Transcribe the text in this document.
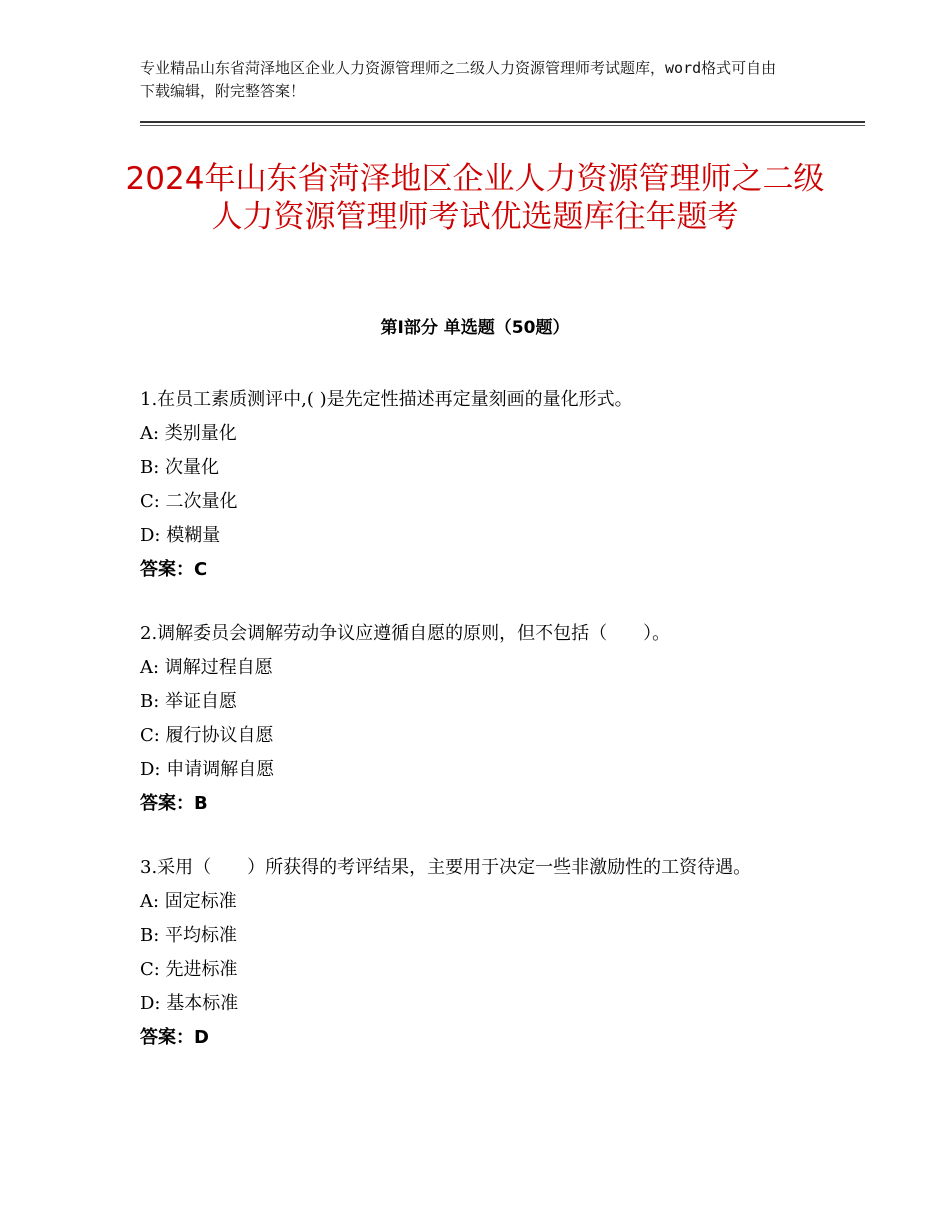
专业精品山东省菏泽地区企业人力资源管理师之二级人力资源管理师考试题库，word格式可自由下载编辑，附完整答案！
2024年山东省菏泽地区企业人力资源管理师之二级人力资源管理师考试优选题库往年题考
第Ⅰ部分 单选题（50题）

1.在员工素质测评中,( )是先定性描述再定量刻画的量化形式。

A: 类别量化

B: 次量化

C: 二次量化

D: 模糊量

答案：C

2.调解委员会调解劳动争议应遵循自愿的原则，但不包括（　　）。

A: 调解过程自愿

B: 举证自愿

C: 履行协议自愿

D: 申请调解自愿

答案：B

3.采用（　　）所获得的考评结果，主要用于决定一些非激励性的工资待遇。

A: 固定标准

B: 平均标准

C: 先进标准

D: 基本标准

答案：D
